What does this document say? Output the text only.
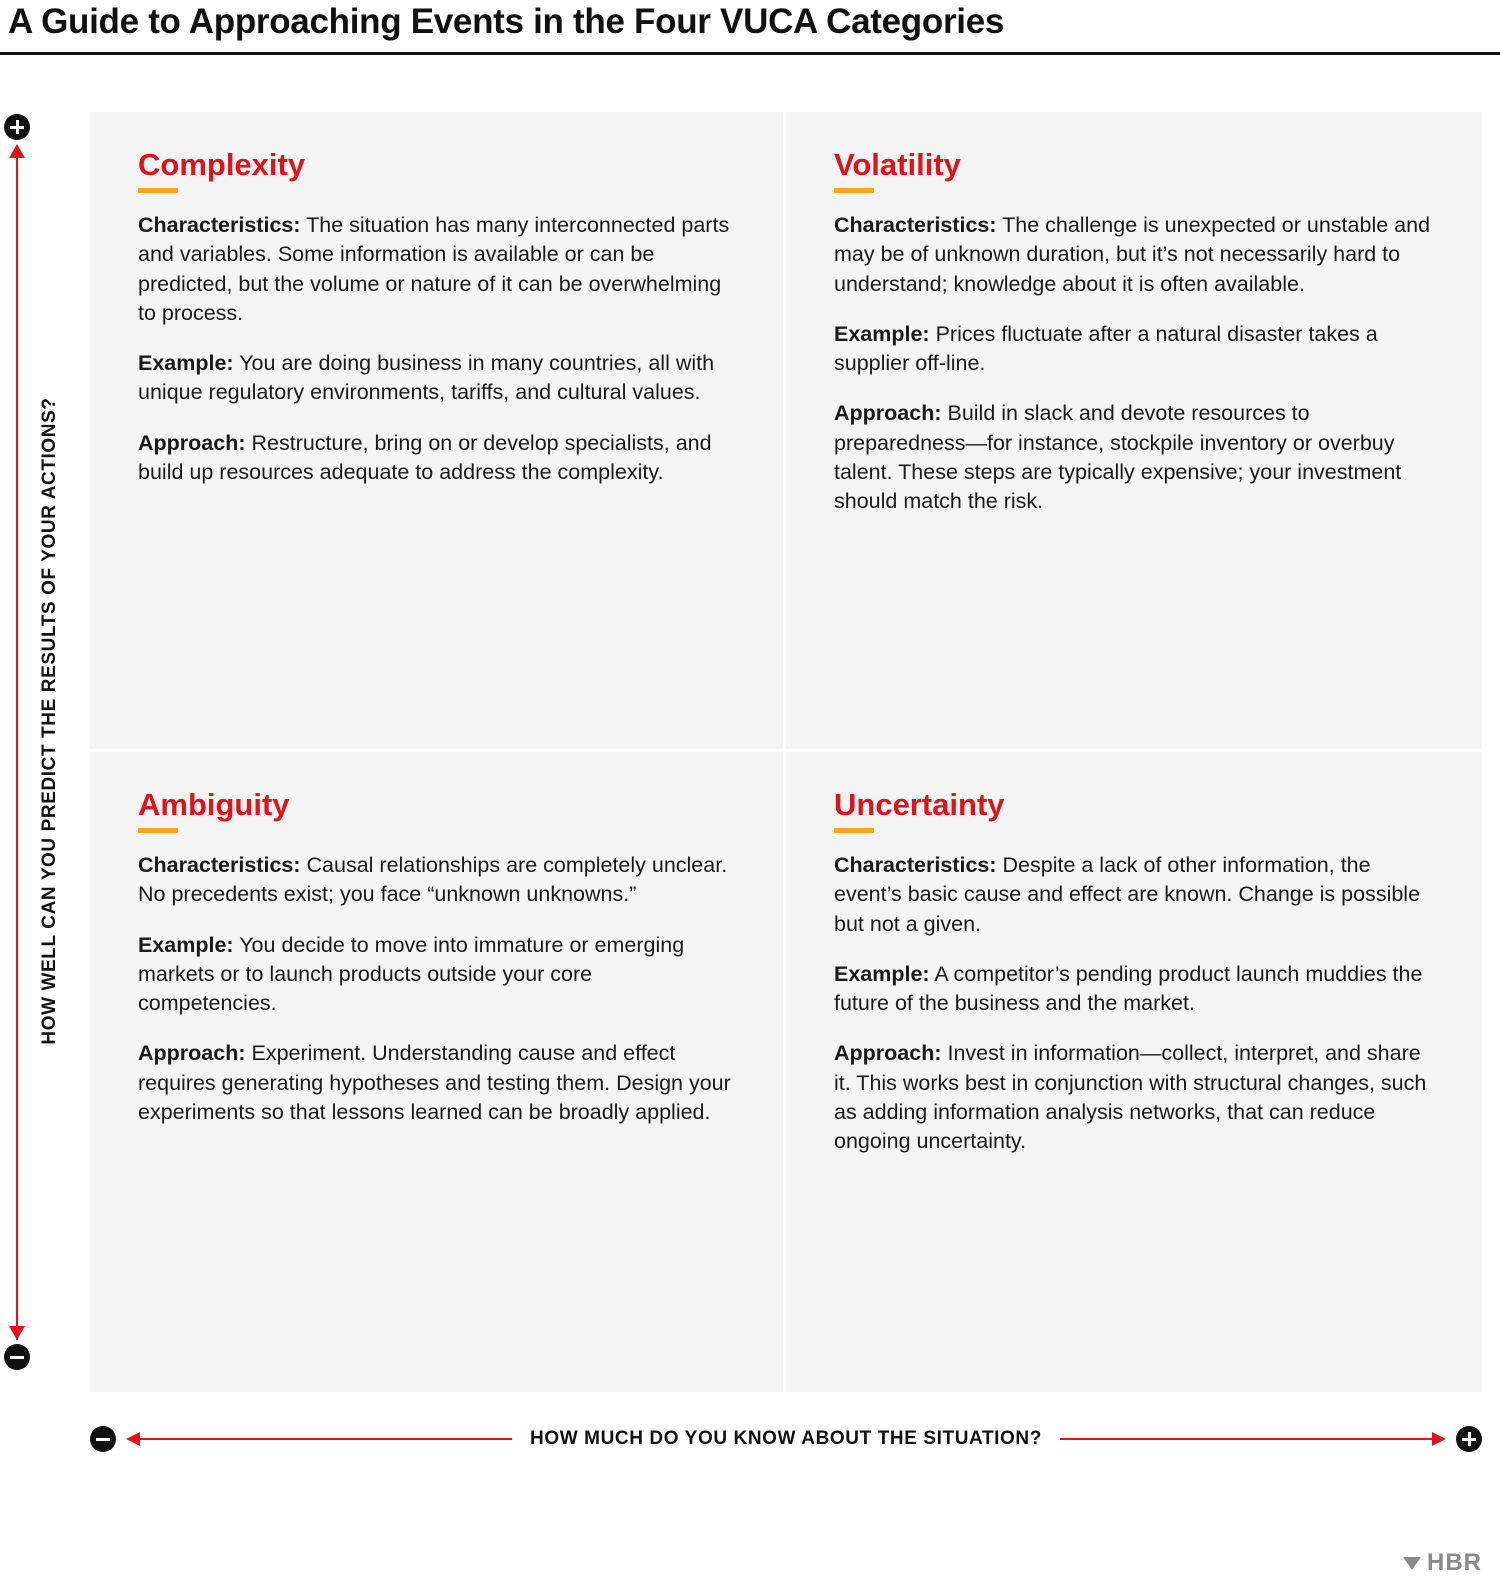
A Guide to Approaching Events in the Four VUCA Categories
HOW WELL CAN YOU PREDICT THE RESULTS OF YOUR ACTIONS?
Complexity
Characteristics: The situation has many interconnected parts and variables. Some information is available or can be predicted, but the volume or nature of it can be overwhelming to process.
Example: You are doing business in many countries, all with unique regulatory environments, tariffs, and cultural values.
Approach: Restructure, bring on or develop specialists, and build up resources adequate to address the complexity.
Volatility
Characteristics: The challenge is unexpected or unstable and may be of unknown duration, but it’s not necessarily hard to understand; knowledge about it is often available.
Example: Prices fluctuate after a natural disaster takes a supplier off-line.
Approach: Build in slack and devote resources to preparedness—for instance, stockpile inventory or overbuy talent. These steps are typically expensive; your investment should match the risk.
Ambiguity
Characteristics: Causal relationships are completely unclear. No precedents exist; you face “unknown unknowns.”
Example: You decide to move into immature or emerging markets or to launch products outside your core competencies.
Approach: Experiment. Understanding cause and effect requires generating hypotheses and testing them. Design your experiments so that lessons learned can be broadly applied.
Uncertainty
Characteristics: Despite a lack of other information, the event’s basic cause and effect are known. Change is possible but not a given.
Example: A competitor’s pending product launch muddies the future of the business and the market.
Approach: Invest in information—collect, interpret, and share it. This works best in conjunction with structural changes, such as adding information analysis networks, that can reduce ongoing uncertainty.
HOW MUCH DO YOU KNOW ABOUT THE SITUATION?
HBR
